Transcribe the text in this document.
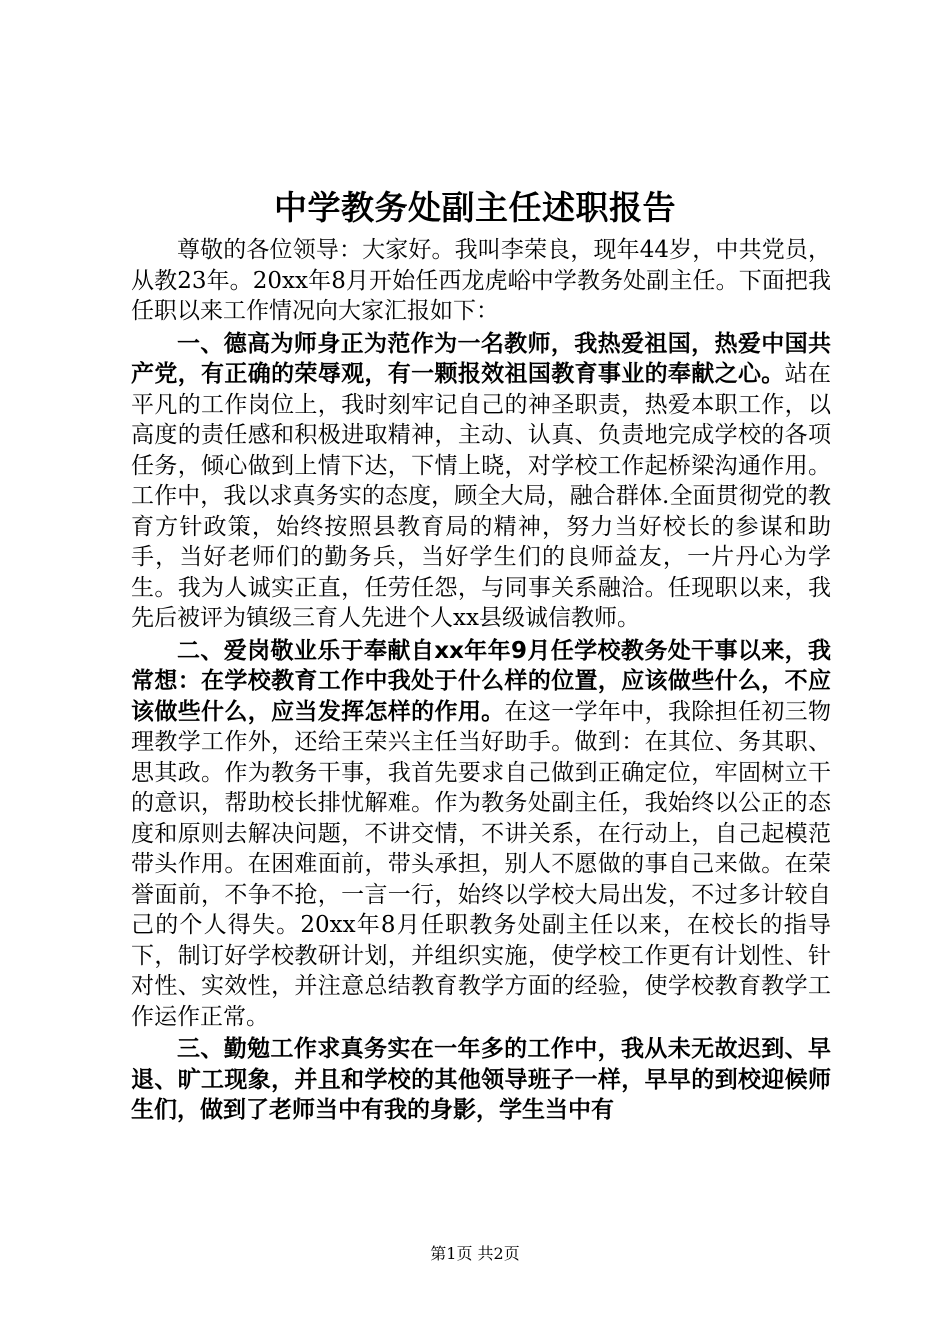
中学教务处副主任述职报告

尊敬的各位领导：大家好。我叫李荣良，现年44岁，中共党员，从教23年。20xx年8月开始任西龙虎峪中学教务处副主任。下面把我任职以来工作情况向大家汇报如下：

一、德高为师身正为范作为一名教师，我热爱祖国，热爱中国共产党，有正确的荣辱观，有一颗报效祖国教育事业的奉献之心。站在平凡的工作岗位上，我时刻牢记自己的神圣职责，热爱本职工作，以高度的责任感和积极进取精神，主动、认真、负责地完成学校的各项任务，倾心做到上情下达，下情上晓，对学校工作起桥梁沟通作用。工作中，我以求真务实的态度，顾全大局，融合群体.全面贯彻党的教育方针政策，始终按照县教育局的精神，努力当好校长的参谋和助手，当好老师们的勤务兵，当好学生们的良师益友，一片丹心为学生。我为人诚实正直，任劳任怨，与同事关系融洽。任现职以来，我先后被评为镇级三育人先进个人xx县级诚信教师。

二、爱岗敬业乐于奉献自xx年年9月任学校教务处干事以来，我常想：在学校教育工作中我处于什么样的位置，应该做些什么，不应该做些什么，应当发挥怎样的作用。在这一学年中，我除担任初三物理教学工作外，还给王荣兴主任当好助手。做到：在其位、务其职、思其政。作为教务干事，我首先要求自己做到正确定位，牢固树立干的意识，帮助校长排忧解难。作为教务处副主任，我始终以公正的态度和原则去解决问题，不讲交情，不讲关系，在行动上，自己起模范带头作用。在困难面前，带头承担，别人不愿做的事自己来做。在荣誉面前，不争不抢，一言一行，始终以学校大局出发，不过多计较自己的个人得失。20xx年8月任职教务处副主任以来，在校长的指导下，制订好学校教研计划，并组织实施，使学校工作更有计划性、针对性、实效性，并注意总结教育教学方面的经验，使学校教育教学工作运作正常。

三、勤勉工作求真务实在一年多的工作中，我从未无故迟到、早退、旷工现象，并且和学校的其他领导班子一样，早早的到校迎候师生们，做到了老师当中有我的身影，学生当中有

第1页 共2页
